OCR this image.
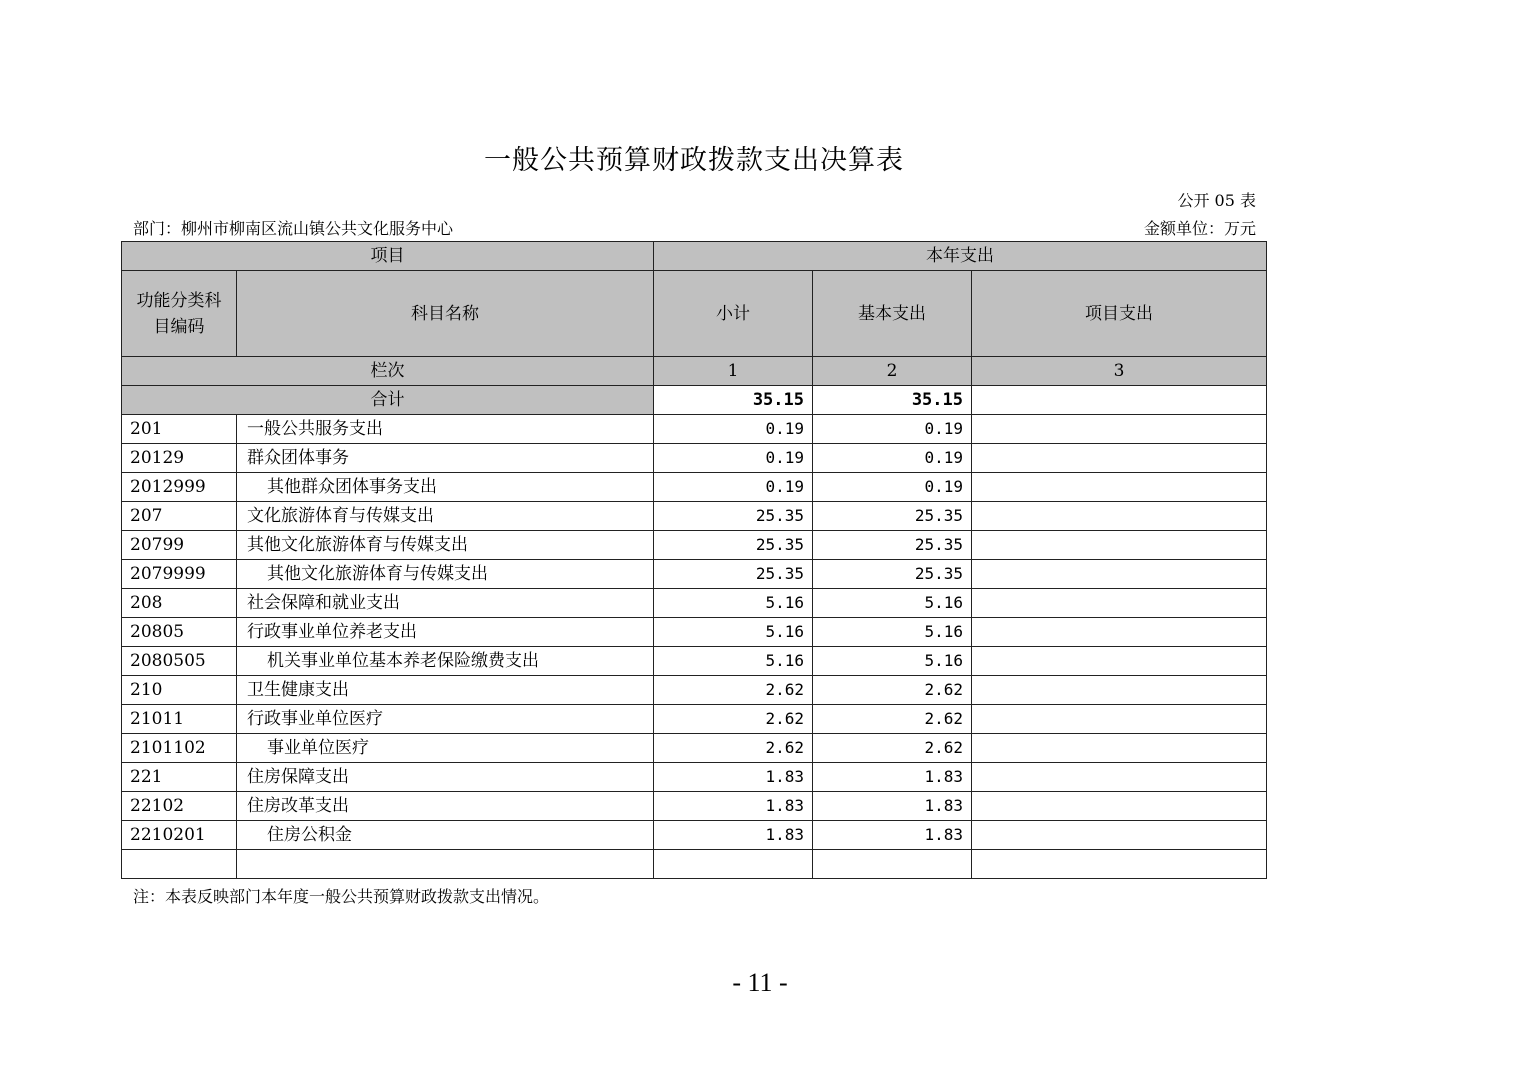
一般公共预算财政拨款支出决算表
公开 05 表
部门：柳州市柳南区流山镇公共文化服务中心	金额单位：万元
项目		本年支出		
功能分类科目编码	科目名称	小计	基本支出	项目支出
栏次		1	2	3
合计		35.15	35.15	
201	一般公共服务支出	0.19	0.19	
20129	群众团体事务	0.19	0.19	
2012999	其他群众团体事务支出	0.19	0.19	
207	文化旅游体育与传媒支出	25.35	25.35	
20799	其他文化旅游体育与传媒支出	25.35	25.35	
2079999	其他文化旅游体育与传媒支出	25.35	25.35	
208	社会保障和就业支出	5.16	5.16	
20805	行政事业单位养老支出	5.16	5.16	
2080505	机关事业单位基本养老保险缴费支出	5.16	5.16	
210	卫生健康支出	2.62	2.62	
21011	行政事业单位医疗	2.62	2.62	
2101102	事业单位医疗	2.62	2.62	
221	住房保障支出	1.83	1.83	
22102	住房改革支出	1.83	1.83	
2210201	住房公积金	1.83	1.83	

注：本表反映部门本年度一般公共预算财政拨款支出情况。
- 11 -
